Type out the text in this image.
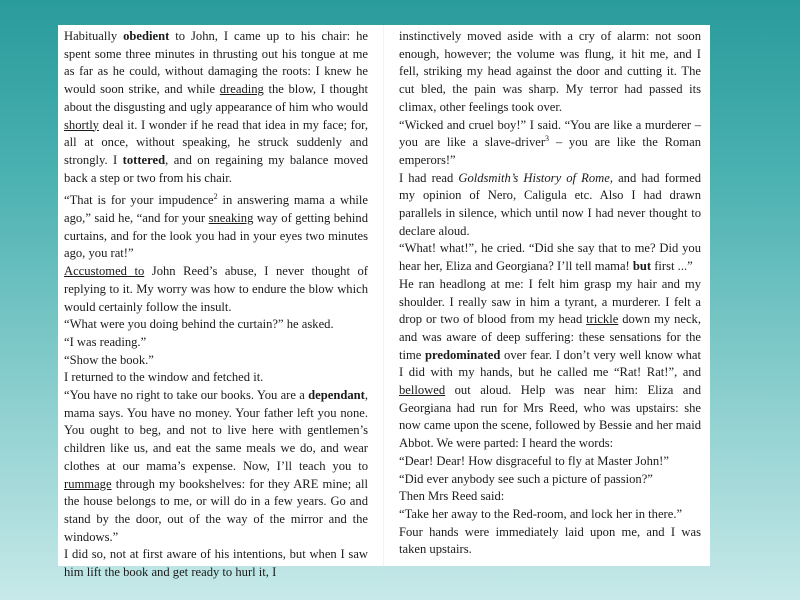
Habitually obedient to John, I came up to his chair: he spent some three minutes in thrusting out his tongue at me as far as he could, without damaging the roots: I knew he would soon strike, and while dreading the blow, I thought about the disgusting and ugly appearance of him who would shortly deal it. I wonder if he read that idea in my face; for, all at once, without speaking, he struck suddenly and strongly. I tottered, and on regaining my balance moved back a step or two from his chair.

“That is for your impudence$^2$ in answering mama a while ago,” said he, “and for your sneaking way of getting behind curtains, and for the look you had in your eyes two minutes ago, you rat!”

Accustomed to John Reed’s abuse, I never thought of replying to it. My worry was how to endure the blow which would certainly follow the insult.

“What were you doing behind the curtain?” he asked.

“I was reading.”

“Show the book.”

I returned to the window and fetched it.

“You have no right to take our books. You are a dependant, mama says. You have no money. Your father left you none. You ought to beg, and not to live here with gentlemen’s children like us, and eat the same meals we do, and wear clothes at our mama’s expense. Now, I’ll teach you to rummage through my bookshelves: for they ARE mine; all the house belongs to me, or will do in a few years. Go and stand by the door, out of the way of the mirror and the windows.”

I did so, not at first aware of his intentions, but when I saw him lift the book and get ready to hurl it, I

instinctively moved aside with a cry of alarm: not soon enough, however; the volume was flung, it hit me, and I fell, striking my head against the door and cutting it. The cut bled, the pain was sharp. My terror had passed its climax, other feelings took over.

“Wicked and cruel boy!” I said. “You are like a murderer – you are like a slave-driver$^3$ – you are like the Roman emperors!”

I had read Goldsmith’s History of Rome, and had formed my opinion of Nero, Caligula etc. Also I had drawn parallels in silence, which until now I had never thought to declare aloud.

“What! what!”, he cried. “Did she say that to me? Did you hear her, Eliza and Georgiana? I’ll tell mama! but first ...”

He ran headlong at me: I felt him grasp my hair and my shoulder. I really saw in him a tyrant, a murderer. I felt a drop or two of blood from my head trickle down my neck, and was aware of deep suffering: these sensations for the time predominated over fear. I don’t very well know what I did with my hands, but he called me “Rat! Rat!”, and bellowed out aloud. Help was near him: Eliza and Georgiana had run for Mrs Reed, who was upstairs: she now came upon the scene, followed by Bessie and her maid Abbot. We were parted: I heard the words:

“Dear! Dear! How disgraceful to fly at Master John!”

“Did ever anybody see such a picture of passion?”

Then Mrs Reed said:

“Take her away to the Red-room, and lock her in there.”

Four hands were immediately laid upon me, and I was taken upstairs.
